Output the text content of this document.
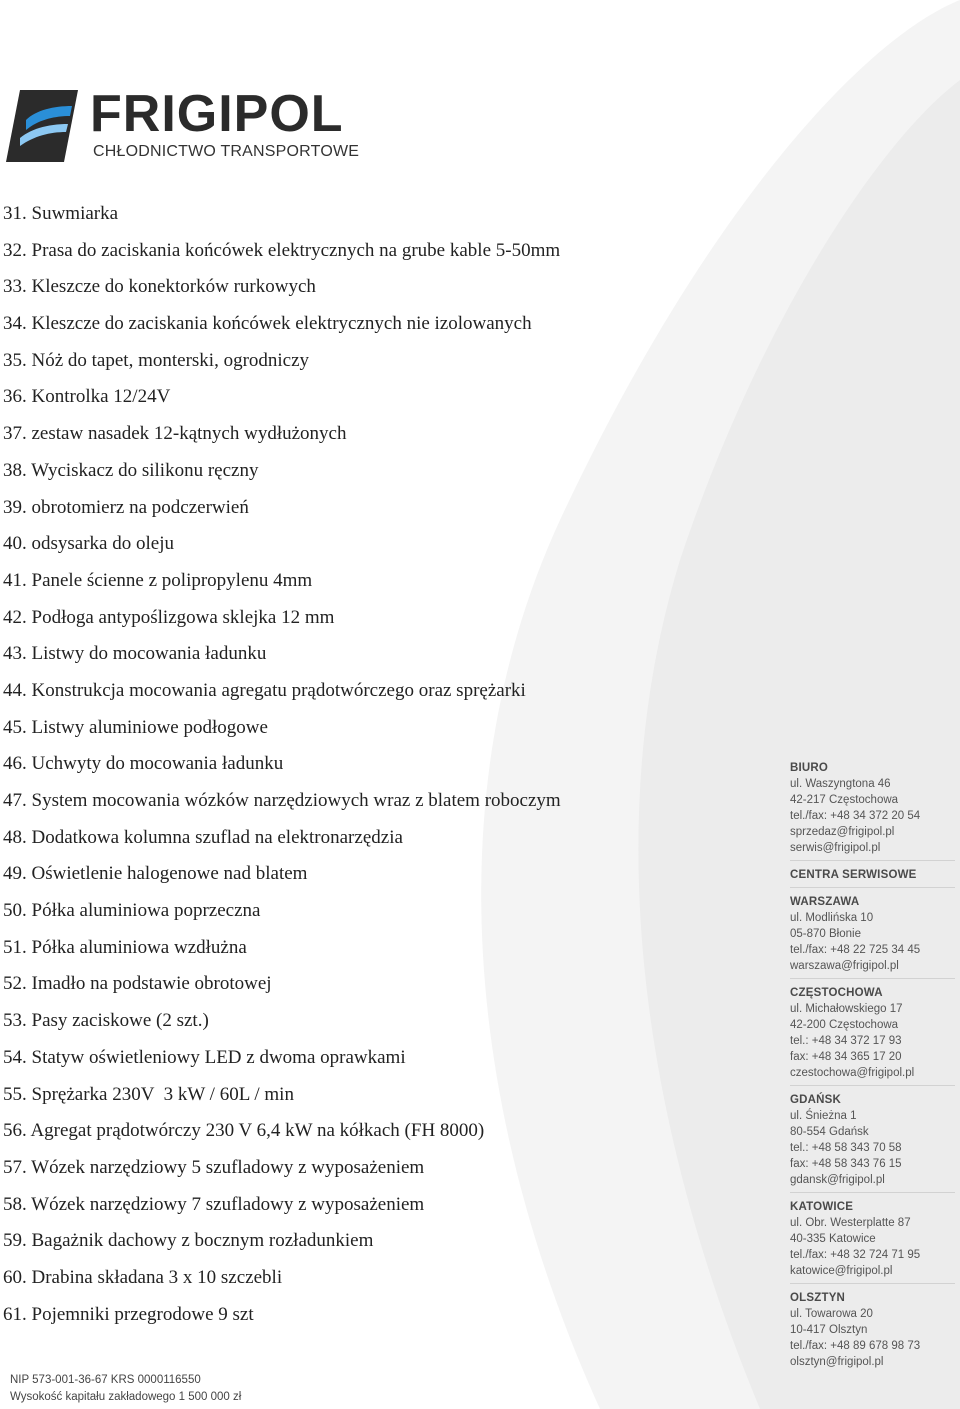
FRIGIPOL
CHŁODNICTWO TRANSPORTOWE
31. Suwmiarka
32. Prasa do zaciskania końcówek elektrycznych na grube kable 5-50mm
33. Kleszcze do konektorków rurkowych
34. Kleszcze do zaciskania końcówek elektrycznych nie izolowanych
35. Nóż do tapet, monterski, ogrodniczy
36. Kontrolka 12/24V
37. zestaw nasadek 12-kątnych wydłużonych
38. Wyciskacz do silikonu ręczny
39. obrotomierz na podczerwień
40. odsysarka do oleju
41. Panele ścienne z polipropylenu 4mm
42. Podłoga antypoślizgowa sklejka 12 mm
43. Listwy do mocowania ładunku
44. Konstrukcja mocowania agregatu prądotwórczego oraz sprężarki
45. Listwy aluminiowe podłogowe
46. Uchwyty do mocowania ładunku
47. System mocowania wózków narzędziowych wraz z blatem roboczym
48. Dodatkowa kolumna szuflad na elektronarzędzia
49. Oświetlenie halogenowe nad blatem
50. Półka aluminiowa poprzeczna
51. Półka aluminiowa wzdłużna
52. Imadło na podstawie obrotowej
53. Pasy zaciskowe (2 szt.)
54. Statyw oświetleniowy LED z dwoma oprawkami
55. Sprężarka 230V  3 kW / 60L / min
56. Agregat prądotwórczy 230 V 6,4 kW na kółkach (FH 8000)
57. Wózek narzędziowy 5 szufladowy z wyposażeniem
58. Wózek narzędziowy 7 szufladowy z wyposażeniem
59. Bagażnik dachowy z bocznym rozładunkiem
60. Drabina składana 3 x 10 szczebli
61. Pojemniki przegrodowe 9 szt
BIURO
ul. Waszyngtona 46
42-217 Częstochowa
tel./fax: +48 34 372 20 54
sprzedaz@frigipol.pl
serwis@frigipol.pl
CENTRA SERWISOWE
WARSZAWA
ul. Modlińska 10
05-870 Błonie
tel./fax: +48 22 725 34 45
warszawa@frigipol.pl
CZĘSTOCHOWA
ul. Michałowskiego 17
42-200 Częstochowa
tel.: +48 34 372 17 93
fax: +48 34 365 17 20
czestochowa@frigipol.pl
GDAŃSK
ul. Śnieżna 1
80-554 Gdańsk
tel.: +48 58 343 70 58
fax: +48 58 343 76 15
gdansk@frigipol.pl
KATOWICE
ul. Obr. Westerplatte 87
40-335 Katowice
tel./fax: +48 32 724 71 95
katowice@frigipol.pl
OLSZTYN
ul. Towarowa 20
10-417 Olsztyn
tel./fax: +48 89 678 98 73
olsztyn@frigipol.pl
NIP 573-001-36-67 KRS 0000116550
Wysokość kapitału zakładowego 1 500 000 zł
